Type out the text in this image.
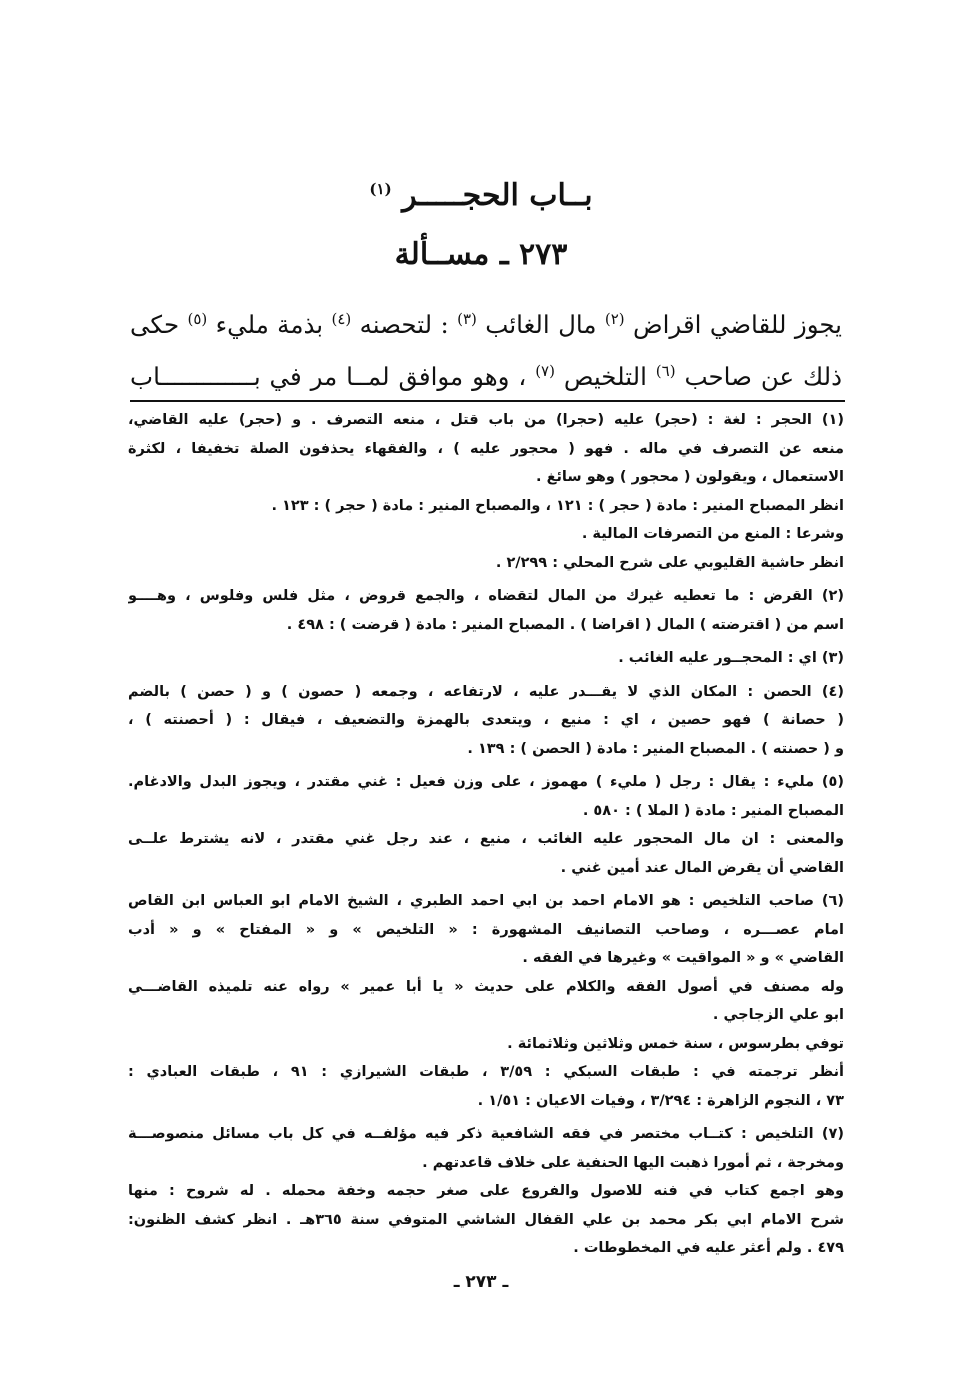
بــاب الحجـــــر $^{(١)}$
٢٧٣ ـ مســألة
يجوز للقاضي اقراض $^{(٢)}$ مال الغائب $^{(٣)}$ : لتحصنه $^{(٤)}$ بذمة مليء $^{(٥)}$ حكى
ذلك عن صاحب $^{(٦)}$ التلخيص $^{(٧)}$ ، وهو موافق لمــا مر في بـــــــــــــاب
(١) الحجر : لغة : (حجر) عليه (حجرا) من باب قتل ، منعه التصرف . و (حجر) عليه القاضي،
منعه عن التصرف في ماله . فهو ( محجور عليه ) ، والفقهاء يحذفون الصلة تخفيفا ، لكثرة
الاستعمال ، ويقولون ( محجور ) وهو سائغ .
انظر المصباح المنير : مادة ( حجر ) : ١٢١ ، والمصباح المنير : مادة ( حجر ) : ١٢٣ .
وشرعا : المنع من التصرفات المالية .
انظر حاشية القليوبي على شرح المحلي : ٢/٢٩٩ .
(٢) القرض : ما تعطيه غيرك من المال لتقضاه ، والجمع قروض ، مثل فلس وفلوس ، وهــــو
اسم من ( اقترضته ) المال ( اقراضا ) . المصباح المنير : مادة ( قرضت ) : ٤٩٨ .
(٣) اي : المحجــور عليه الغائب .
(٤) الحصن : المكان الذي لا يقـــدر عليه ، لارتفاعه ، وجمعه ( حصون ) و ( حصن ) بالضم
( حصانة ) فهو حصين ، اي : منيع ، ويتعدى بالهمزة والتضعيف ، فيقال : ( أحصنته ) ،
و ( حصنته ) . المصباح المنير : مادة ( الحصن ) : ١٣٩ .
(٥) مليء : يقال : رجل ( مليء ) مهموز ، على وزن فعيل : غني مقتدر ، ويجوز البدل والادغام.
المصباح المنير : مادة ( الملا ) : ٥٨٠ .
والمعنى : ان مال المحجور عليه الغائب ، منيع ، عند رجل غني مقتدر ، لانه يشترط علــى
القاضي أن يقرض المال عند أمين غني .
(٦) صاحب التلخيص : هو الامام احمد بن ابي احمد الطبري ، الشيخ الامام ابو العباس ابن القاص
امام عصـــره ، وصاحب التصانيف المشهورة : « التلخيص » و « المفتاح » و « أدب
القاضي » و « المواقيت » وغيرها في الفقه .
وله مصنف في أصول الفقه والكلام على حديث « يا أبا عمير » رواه عنه تلميذه القاضـــي
ابو علي الزجاجي .
توفي بطرسوس ، سنة خمس وثلاثين وثلاثمائة .
أنظر ترجمته في : طبقات السبكي : ٣/٥٩ ، طبقات الشيرازي : ٩١ ، طبقات العبادي :
٧٣ ، النجوم الزاهرة : ٣/٢٩٤ ، وفيات الاعيان : ١/٥١ .
(٧) التلخيص : كتــاب مختصر في فقه الشافعية ذكر فيه مؤلفــه في كل باب مسائل منصوصـــة
ومخرجة ، ثم أمورا ذهبت اليها الحنفية على خلاف قاعدتهم .
وهو اجمع كتاب في فنه للاصول والفروع على صغر حجمه وخفة محمله . له شروح : منها
شرح الامام ابي بكر محمد بن علي القفال الشاشي المتوفي سنة ٣٦٥هـ . انظر كشف الظنون:
٤٧٩ . ولم أعثر عليه في المخطوطات .
ـ ٢٧٣ ـ
